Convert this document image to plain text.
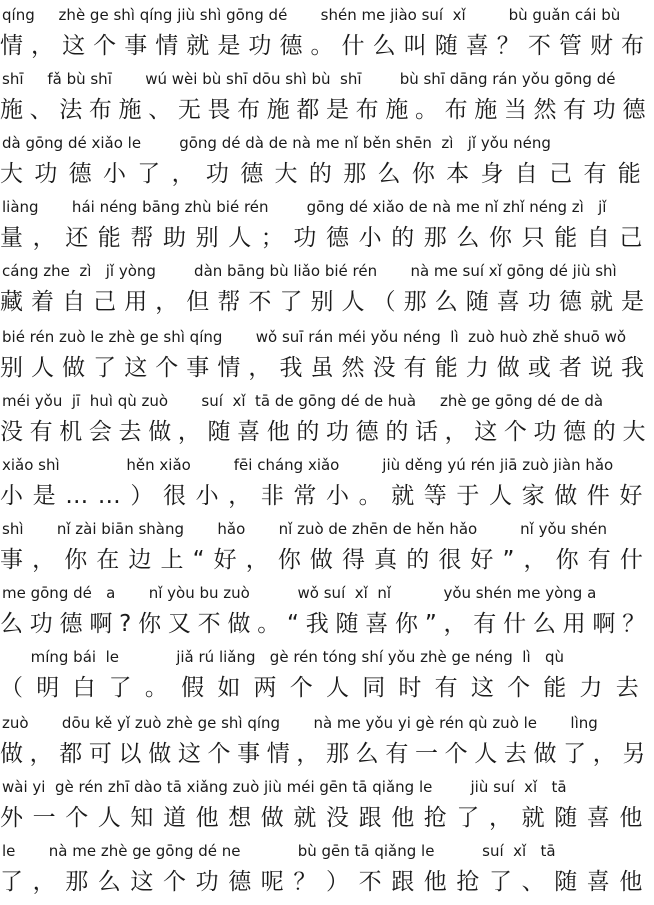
qíng     zhè ge shì qíng jiù shì gōng dé       shén me jiào suí  xǐ         bù guǎn cái bù
情，这个事情就是功德。什么叫随喜？不管财布
shī     fǎ bù shī       wú wèi bù shī dōu shì bù  shī        bù shī dāng rán yǒu gōng dé
施、法布施、无畏布施都是布施。布施当然有功德
dà gōng dé xiǎo le        gōng dé dà de nà me nǐ běn shēn  zì   jǐ yǒu néng
大功德小了，功德大的那么你本身自己有能
liàng       hái néng bāng zhù bié rén        gōng dé xiǎo de nà me nǐ zhǐ néng zì   jǐ
量，还能帮助别人；功德小的那么你只能自己
cáng zhe  zì   jǐ yòng        dàn bāng bù liǎo bié rén       nà me suí xǐ gōng dé jiù shì
藏着自己用，但帮不了别人（那么随喜功德就是
bié rén zuò le zhè ge shì qíng       wǒ suī rán méi yǒu néng  lì  zuò huò zhě shuō wǒ
别人做了这个事情，我虽然没有能力做或者说我
méi yǒu  jī  huì qù zuò       suí  xǐ  tā de gōng dé de huà     zhè ge gōng dé de dà
没有机会去做，随喜他的功德的话，这个功德的大
xiǎo shì              hěn xiǎo         fēi cháng xiǎo         jiù děng yú rén jiā zuò jiàn hǎo
小是……）很小，非常小。就等于人家做件好
shì       nǐ zài biān shàng       hǎo       nǐ zuò de zhēn de hěn hǎo         nǐ yǒu shén
事，你在边上“好，你做得真的很好”，你有什
me gōng dé   a       nǐ yòu bu zuò          wǒ suí  xǐ  nǐ           yǒu shén me yòng a
么功德啊?你又不做。“我随喜你”，有什么用啊？
míng bái  le            jiǎ rú liǎng   gè rén tóng shí yǒu zhè ge néng  lì   qù
（明白了。假如两个人同时有这个能力去
zuò       dōu kě yǐ zuò zhè ge shì qíng       nà me yǒu yi gè rén qù zuò le       lìng
做，都可以做这个事情，那么有一个人去做了，另
wài yi  gè rén zhī dào tā xiǎng zuò jiù méi gēn tā qiǎng le        jiù suí  xǐ   tā
外一个人知道他想做就没跟他抢了，就随喜他
le       nà me zhè ge gōng dé ne            bù gēn tā qiǎng le          suí  xǐ   tā
了，那么这个功德呢？）不跟他抢了、随喜他
